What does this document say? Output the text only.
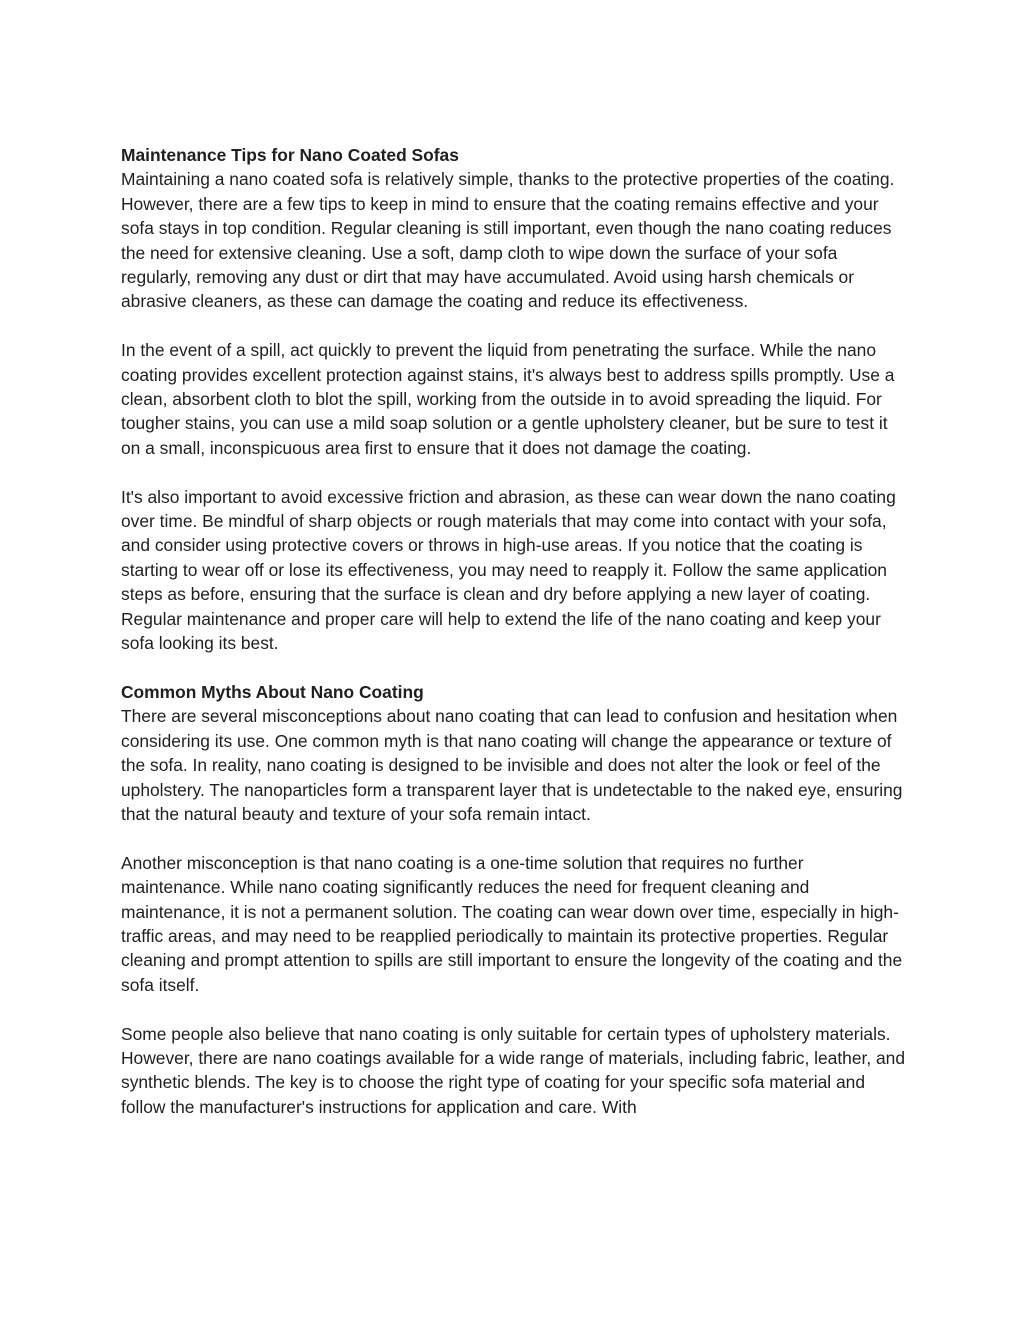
Maintenance Tips for Nano Coated Sofas

Maintaining a nano coated sofa is relatively simple, thanks to the protective properties of the coating. However, there are a few tips to keep in mind to ensure that the coating remains effective and your sofa stays in top condition. Regular cleaning is still important, even though the nano coating reduces the need for extensive cleaning. Use a soft, damp cloth to wipe down the surface of your sofa regularly, removing any dust or dirt that may have accumulated. Avoid using harsh chemicals or abrasive cleaners, as these can damage the coating and reduce its effectiveness.

In the event of a spill, act quickly to prevent the liquid from penetrating the surface. While the nano coating provides excellent protection against stains, it's always best to address spills promptly. Use a clean, absorbent cloth to blot the spill, working from the outside in to avoid spreading the liquid. For tougher stains, you can use a mild soap solution or a gentle upholstery cleaner, but be sure to test it on a small, inconspicuous area first to ensure that it does not damage the coating.

It's also important to avoid excessive friction and abrasion, as these can wear down the nano coating over time. Be mindful of sharp objects or rough materials that may come into contact with your sofa, and consider using protective covers or throws in high-use areas. If you notice that the coating is starting to wear off or lose its effectiveness, you may need to reapply it. Follow the same application steps as before, ensuring that the surface is clean and dry before applying a new layer of coating. Regular maintenance and proper care will help to extend the life of the nano coating and keep your sofa looking its best.

Common Myths About Nano Coating

There are several misconceptions about nano coating that can lead to confusion and hesitation when considering its use. One common myth is that nano coating will change the appearance or texture of the sofa. In reality, nano coating is designed to be invisible and does not alter the look or feel of the upholstery. The nanoparticles form a transparent layer that is undetectable to the naked eye, ensuring that the natural beauty and texture of your sofa remain intact.

Another misconception is that nano coating is a one-time solution that requires no further maintenance. While nano coating significantly reduces the need for frequent cleaning and maintenance, it is not a permanent solution. The coating can wear down over time, especially in high-traffic areas, and may need to be reapplied periodically to maintain its protective properties. Regular cleaning and prompt attention to spills are still important to ensure the longevity of the coating and the sofa itself.

Some people also believe that nano coating is only suitable for certain types of upholstery materials. However, there are nano coatings available for a wide range of materials, including fabric, leather, and synthetic blends. The key is to choose the right type of coating for your specific sofa material and follow the manufacturer's instructions for application and care. With
